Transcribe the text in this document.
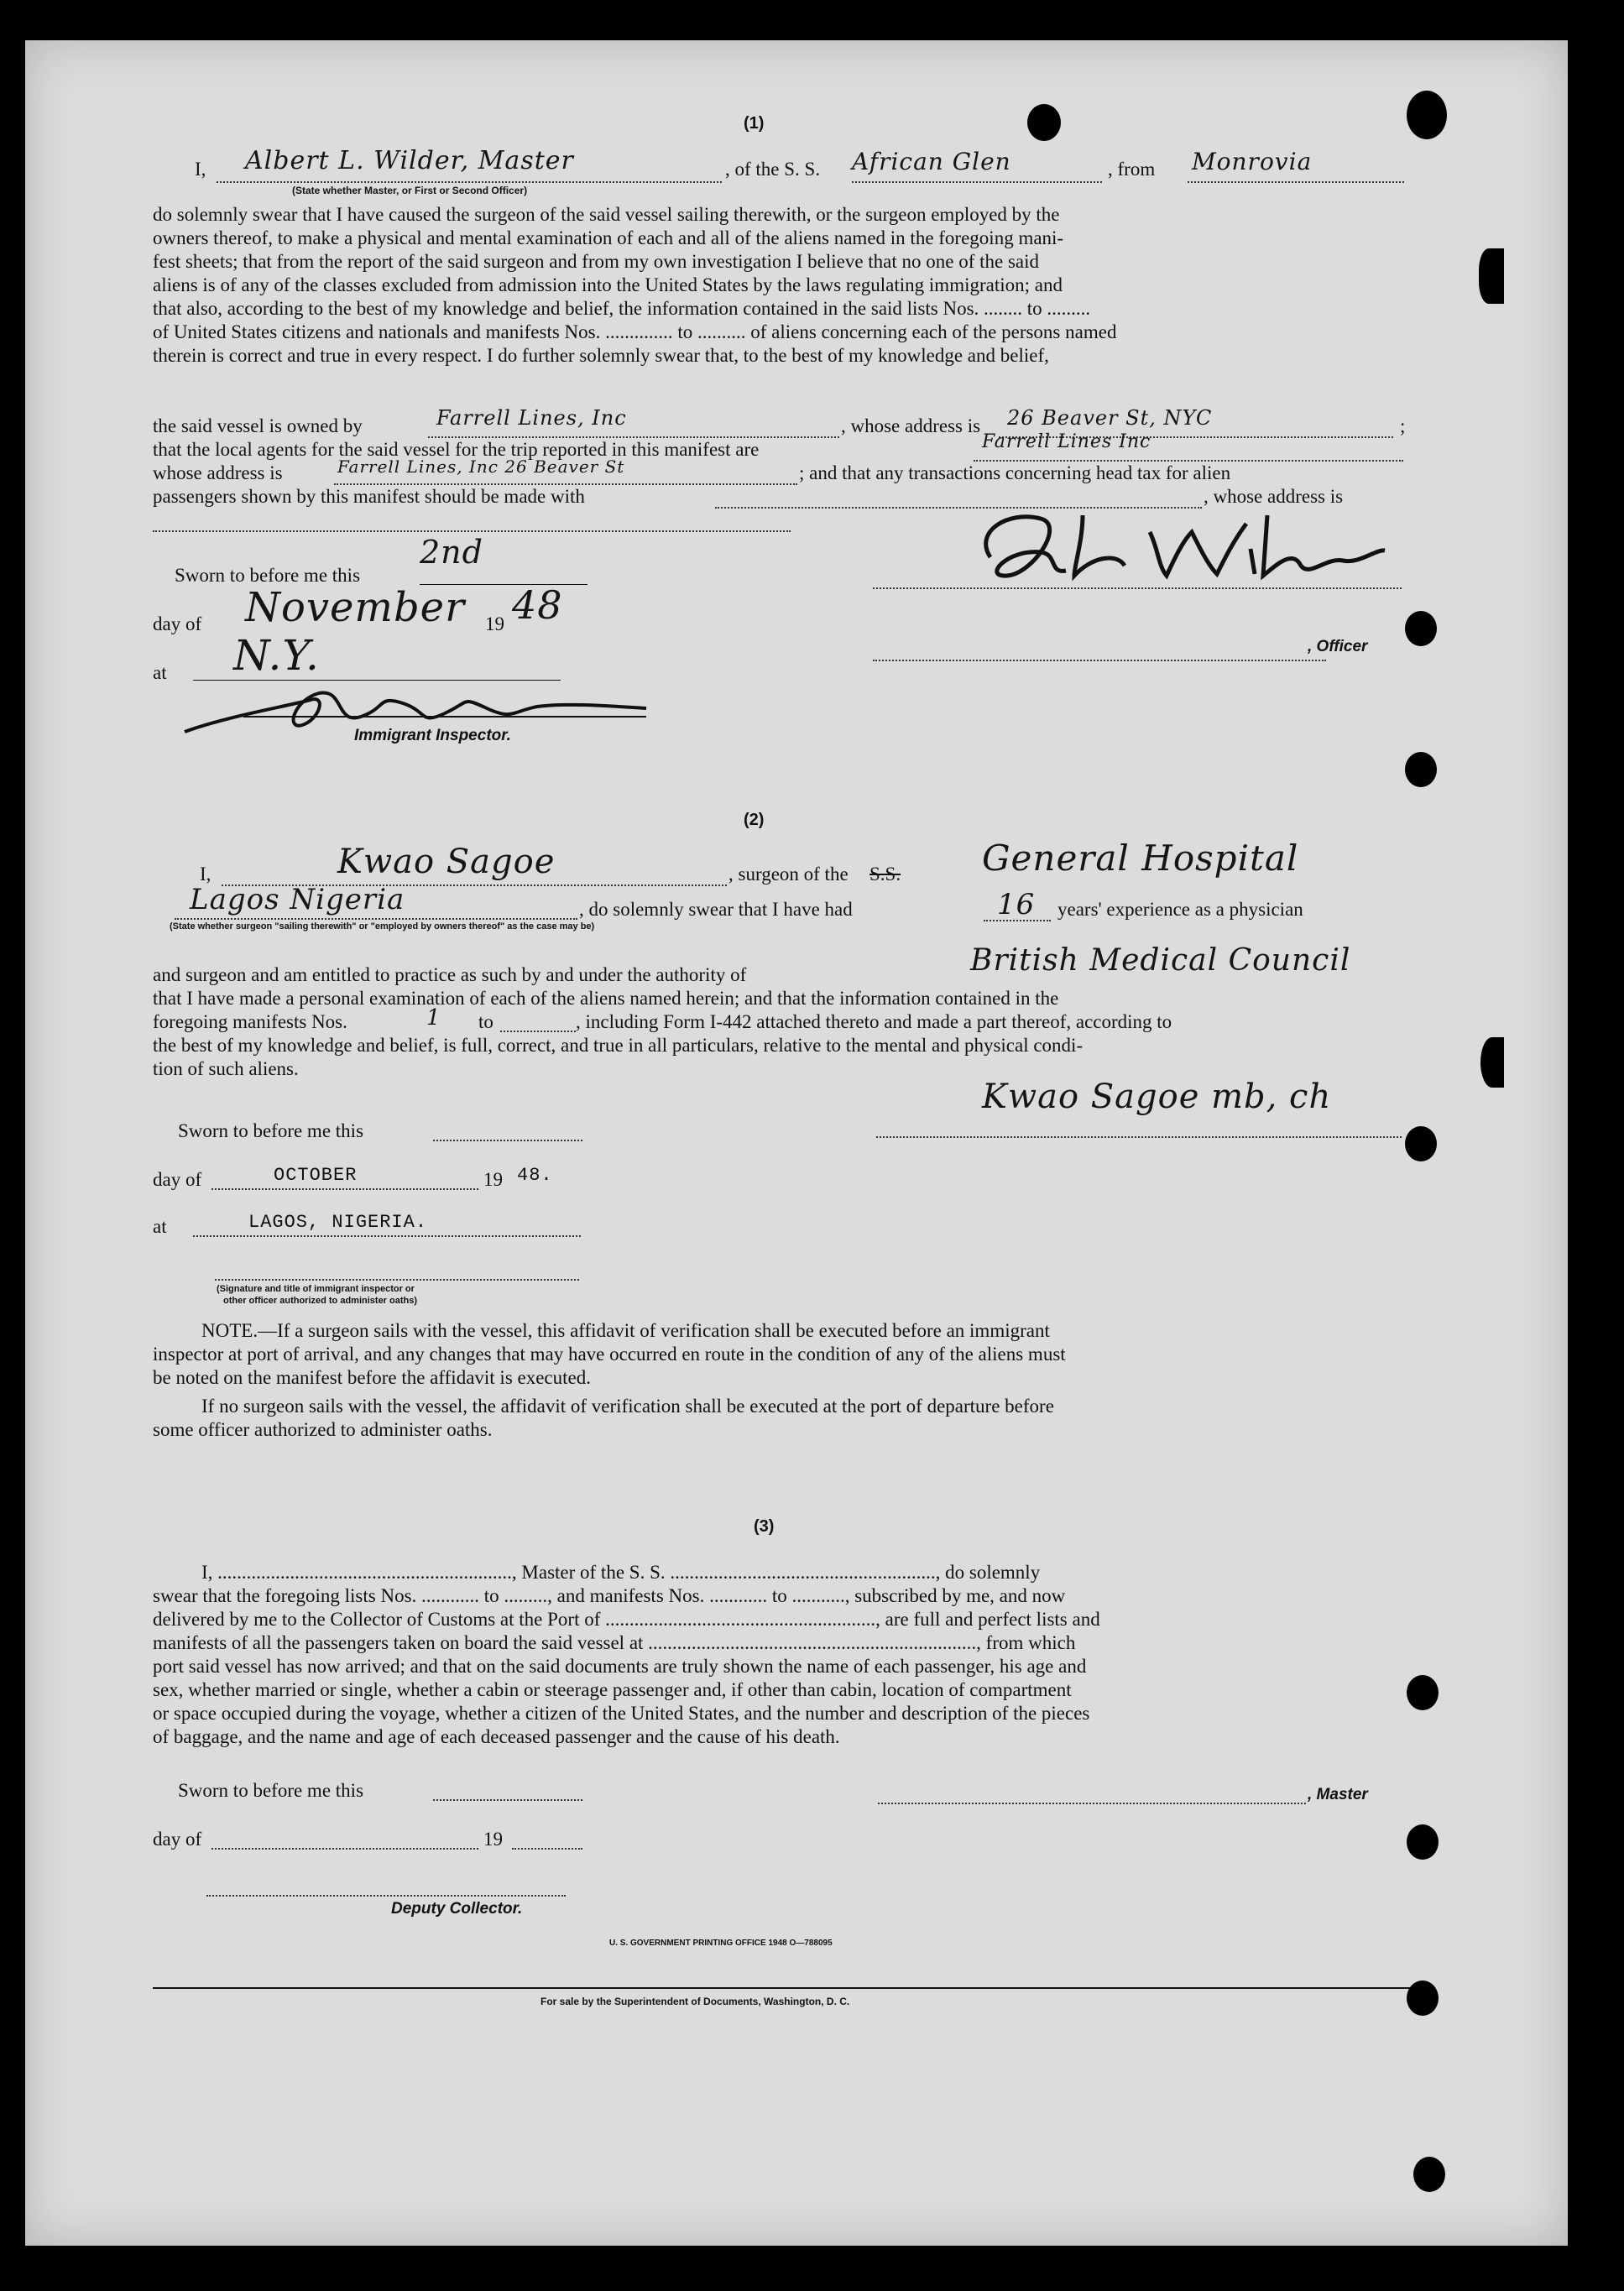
(1)
I, Albert L. Wilder, Master
(State whether Master, or First or Second Officer)
, of the S. S. African Glen	, from Monrovia
do solemnly swear that I have caused the surgeon of the said vessel sailing therewith, or the surgeon employed by the
owners thereof, to make a physical and mental examination of each and all of the aliens named in the foregoing mani-
fest sheets; that from the report of the said surgeon and from my own investigation I believe that no one of the said
aliens is of any of the classes excluded from admission into the United States by the laws regulating immigration; and
that also, according to the best of my knowledge and belief, the information contained in the said lists Nos. ........ to .........
of United States citizens and nationals and manifests Nos. .............. to .......... of aliens concerning each of the persons named
therein is correct and true in every respect. I do further solemnly swear that, to the best of my knowledge and belief,
the said vessel is owned by	Farrell Lines, Inc	, whose address is 26 Beaver St, NYC	;
that the local agents for the said vessel for the trip reported in this manifest are	Farrell Lines Inc
whose address is	Farrell Lines, Inc 26 Beaver St	; and that any transactions concerning head tax for alien
passengers shown by this manifest should be made with	, whose address is
Sworn to before me this
2nd
day of November 19 48
at N.Y.
Immigrant Inspector.
, Officer
(2)
I,	Kwao Sagoe	, surgeon of the S.S. General Hospital
Lagos Nigeria
(State whether surgeon "sailing therewith" or "employed by owners thereof" as the case may be)
, do solemnly swear that I have had	16 years' experience as a physician
and surgeon and am entitled to practice as such by and under the authority of	British Medical Council
that I have made a personal examination of each of the aliens named herein; and that the information contained in the
foregoing manifests Nos.	1 to	, including Form I-442 attached thereto and made a part thereof, according to
the best of my knowledge and belief, is full, correct, and true in all particulars, relative to the mental and physical condi-
tion of such aliens.
Kwao Sagoe mb, ch
Sworn to before me this
day of	OCTOBER	19 48.
at	LAGOS, NIGERIA.
(Signature and title of immigrant inspector or
other officer authorized to administer oaths)
NOTE.—If a surgeon sails with the vessel, this affidavit of verification shall be executed before an immigrant
inspector at port of arrival, and any changes that may have occurred en route in the condition of any of the aliens must
be noted on the manifest before the affidavit is executed.
If no surgeon sails with the vessel, the affidavit of verification shall be executed at the port of departure before
some officer authorized to administer oaths.
(3)
I, ............................................................., Master of the S. S. ......................................................., do solemnly
swear that the foregoing lists Nos. ............ to ........., and manifests Nos. ............ to ..........., subscribed by me, and now
delivered by me to the Collector of Customs at the Port of ........................................................, are full and perfect lists and
manifests of all the passengers taken on board the said vessel at ...................................................................., from which
port said vessel has now arrived; and that on the said documents are truly shown the name of each passenger, his age and
sex, whether married or single, whether a cabin or steerage passenger and, if other than cabin, location of compartment
or space occupied during the voyage, whether a citizen of the United States, and the number and description of the pieces
of baggage, and the name and age of each deceased passenger and the cause of his death.
Sworn to before me this	, Master
day of	19
Deputy Collector.
U. S. GOVERNMENT PRINTING OFFICE 1948 O—788095
For sale by the Superintendent of Documents, Washington, D. C.
